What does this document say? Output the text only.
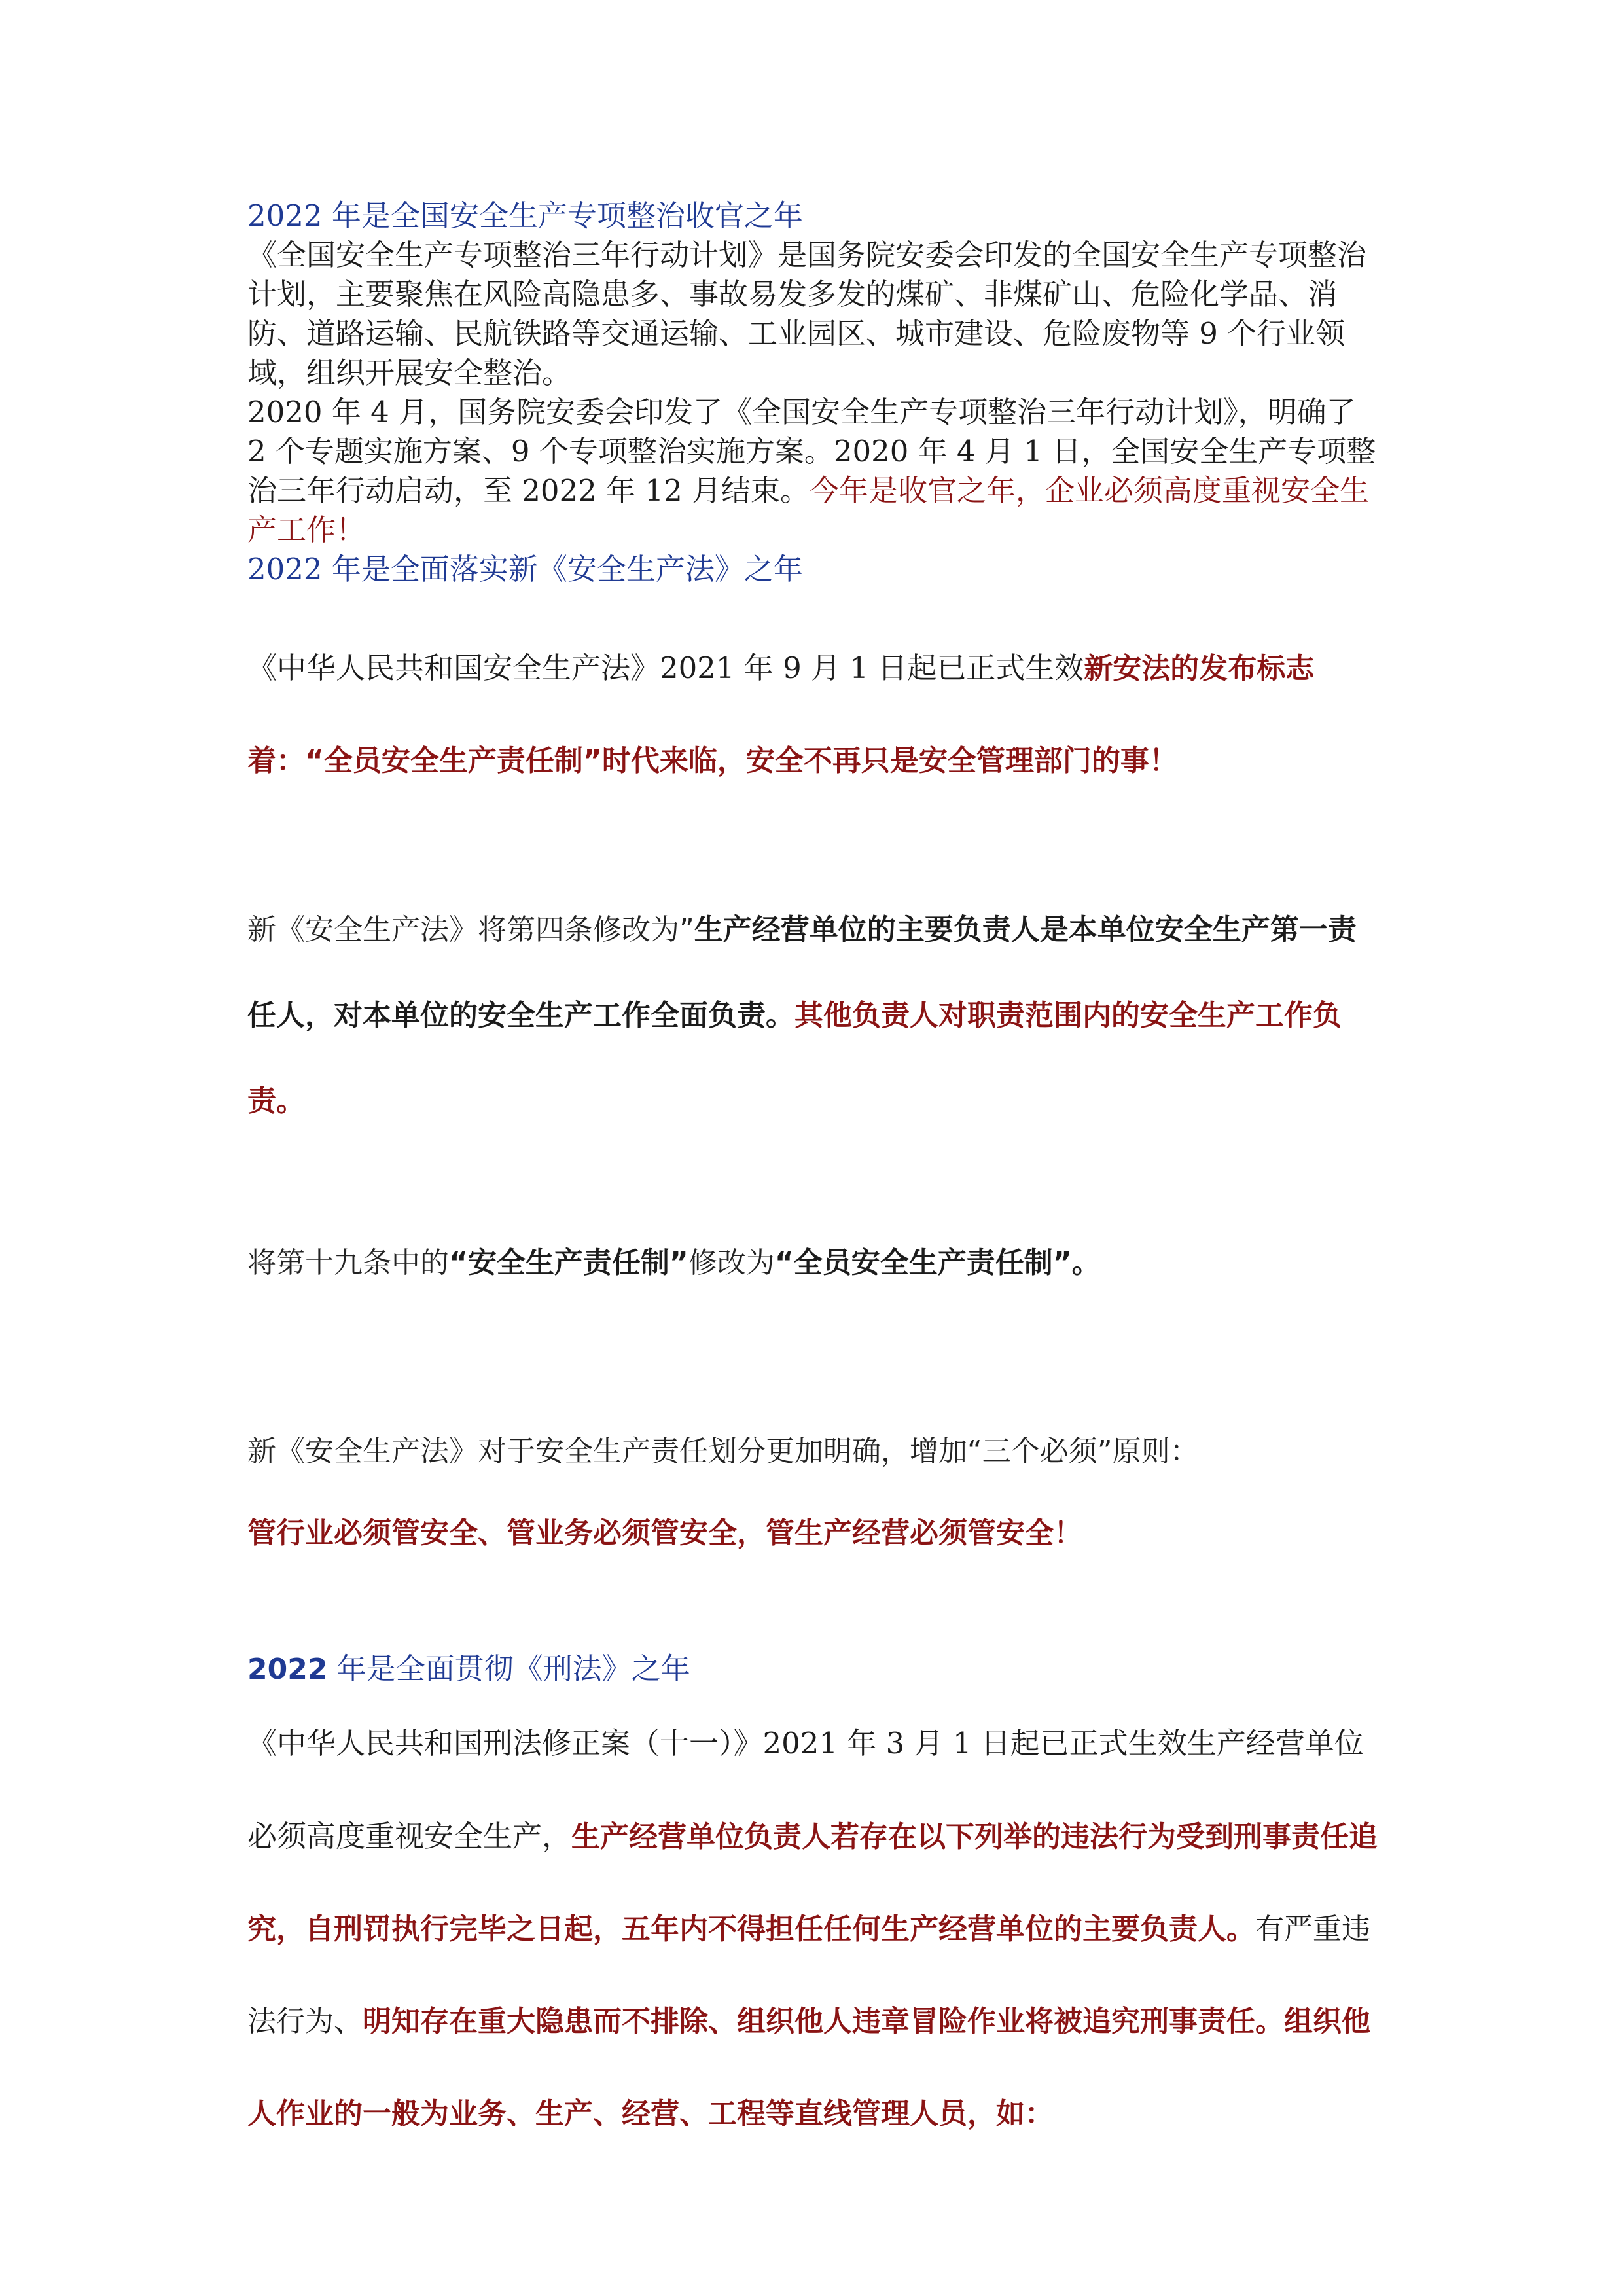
2022 年是全国安全生产专项整治收官之年
《全国安全生产专项整治三年行动计划》是国务院安委会印发的全国安全生产专项整治计划，主要聚焦在风险高隐患多、事故易发多发的煤矿、非煤矿山、危险化学品、消防、道路运输、民航铁路等交通运输、工业园区、城市建设、危险废物等 9 个行业领域，组织开展安全整治。
2020 年 4 月，国务院安委会印发了《全国安全生产专项整治三年行动计划》，明确了 2 个专题实施方案、9 个专项整治实施方案。2020 年 4 月 1 日，全国安全生产专项整治三年行动启动，至 2022 年 12 月结束。今年是收官之年，企业必须高度重视安全生产工作！
2022 年是全面落实新《安全生产法》之年
《中华人民共和国安全生产法》2021 年 9 月 1 日起已正式生效新安法的发布标志着：“全员安全生产责任制”时代来临，安全不再只是安全管理部门的事！
新《安全生产法》将第四条修改为”生产经营单位的主要负责人是本单位安全生产第一责任人，对本单位的安全生产工作全面负责。其他负责人对职责范围内的安全生产工作负责。
将第十九条中的“安全生产责任制”修改为“全员安全生产责任制”。
新《安全生产法》对于安全生产责任划分更加明确，增加“三个必须”原则：
管行业必须管安全、管业务必须管安全，管生产经营必须管安全！
2022 年是全面贯彻《刑法》之年
《中华人民共和国刑法修正案（十一）》2021 年 3 月 1 日起已正式生效生产经营单位必须高度重视安全生产，生产经营单位负责人若存在以下列举的违法行为受到刑事责任追究，自刑罚执行完毕之日起，五年内不得担任任何生产经营单位的主要负责人。有严重违法行为、明知存在重大隐患而不排除、组织他人违章冒险作业将被追究刑事责任。组织他人作业的一般为业务、生产、经营、工程等直线管理人员，如：
